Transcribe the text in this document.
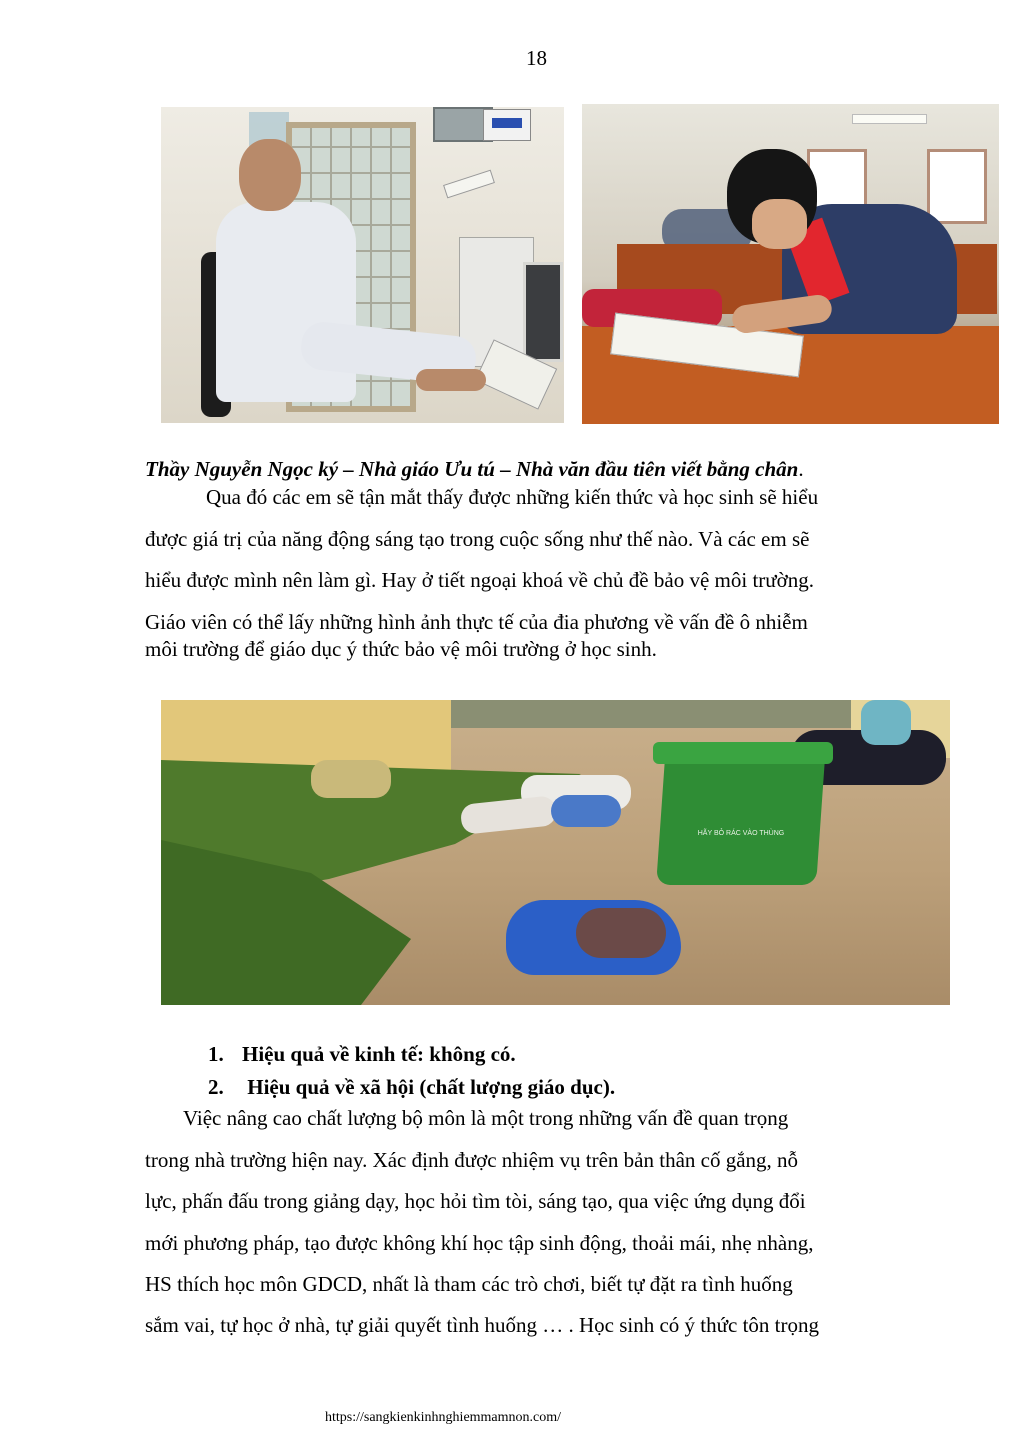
18
Thầy Nguyễn Ngọc ký – Nhà giáo Ưu tú – Nhà văn đầu tiên viết bằng chân.
Qua đó các em sẽ tận mắt thấy được những kiến thức và học sinh sẽ hiểu
được giá trị của năng động sáng tạo trong cuộc sống như thế nào. Và các em sẽ
hiểu được mình nên làm gì. Hay ở tiết ngoại khoá về chủ đề bảo vệ môi trường.
Giáo viên có thể lấy những hình ảnh thực tế của đia phương về vấn đề ô nhiễm
môi trường để giáo dục ý thức bảo vệ môi trường ở học sinh.
HÃY BỎ RÁC VÀO THÙNG
1. Hiệu quả về kinh tế: không có.
2. Hiệu quả về xã hội (chất lượng giáo dục).
Việc nâng cao chất lượng bộ môn là một trong những vấn đề quan trọng
trong nhà trường hiện nay. Xác định được nhiệm vụ trên bản thân cố gắng, nỗ
lực, phấn đấu trong giảng dạy, học hỏi tìm tòi, sáng tạo, qua việc ứng dụng đổi
mới phương pháp, tạo được không khí học tập sinh động, thoải mái, nhẹ nhàng,
HS thích học môn GDCD, nhất là tham các trò chơi, biết tự đặt ra tình huống
sắm vai, tự học ở nhà, tự giải quyết tình huống … . Học sinh có ý thức tôn trọng
https://sangkienkinhnghiemmamnon.com/
